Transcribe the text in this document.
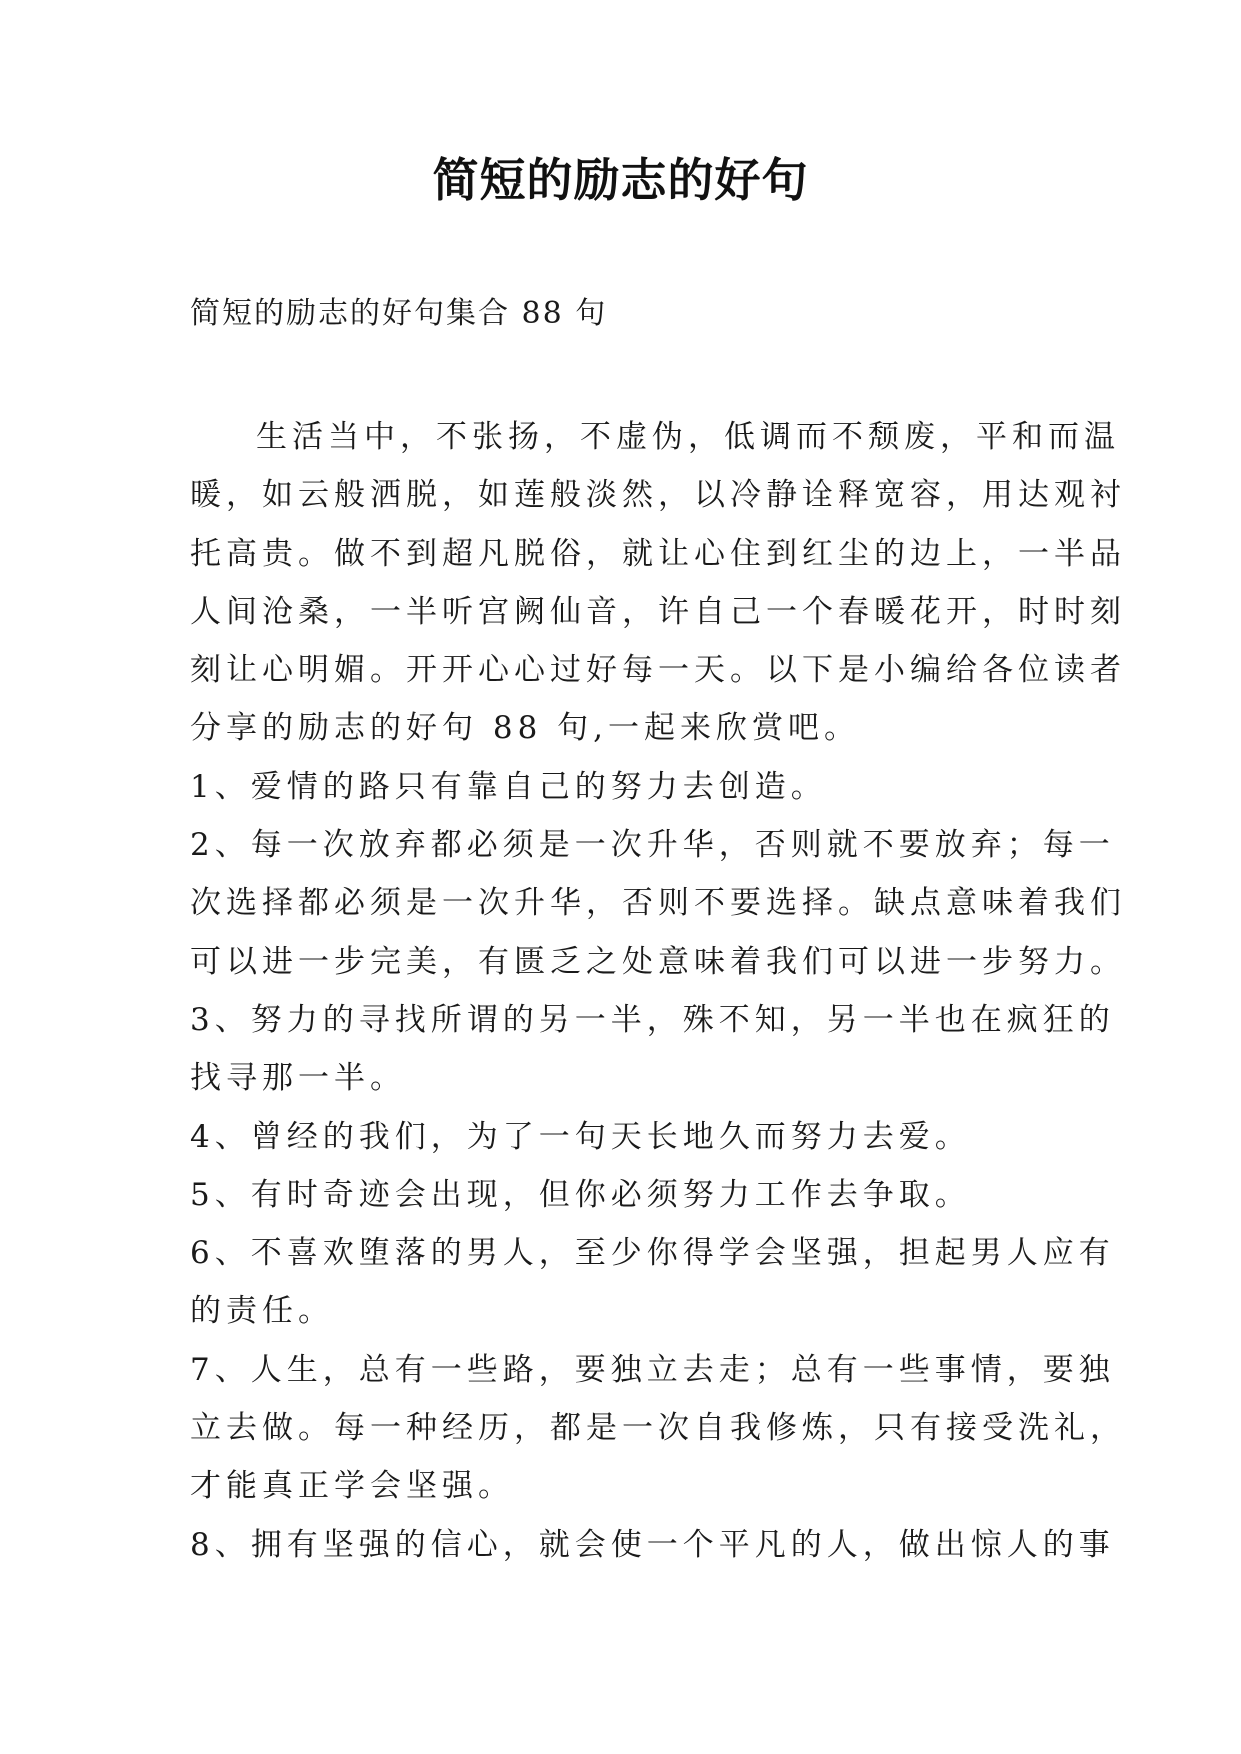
简短的励志的好句
简短的励志的好句集合 88 句
生活当中，不张扬，不虚伪，低调而不颓废，平和而温
暖，如云般洒脱，如莲般淡然，以冷静诠释宽容，用达观衬
托高贵。做不到超凡脱俗，就让心住到红尘的边上，一半品
人间沧桑，一半听宫阙仙音，许自己一个春暖花开，时时刻
刻让心明媚。开开心心过好每一天。以下是小编给各位读者
分享的励志的好句 88 句,一起来欣赏吧。
1、爱情的路只有靠自己的努力去创造。
2、每一次放弃都必须是一次升华，否则就不要放弃；每一
次选择都必须是一次升华，否则不要选择。缺点意味着我们
可以进一步完美，有匮乏之处意味着我们可以进一步努力。
3、努力的寻找所谓的另一半，殊不知，另一半也在疯狂的
找寻那一半。
4、曾经的我们，为了一句天长地久而努力去爱。
5、有时奇迹会出现，但你必须努力工作去争取。
6、不喜欢堕落的男人，至少你得学会坚强，担起男人应有
的责任。
7、人生，总有一些路，要独立去走；总有一些事情，要独
立去做。每一种经历，都是一次自我修炼，只有接受洗礼，
才能真正学会坚强。
8、拥有坚强的信心，就会使一个平凡的人，做出惊人的事
